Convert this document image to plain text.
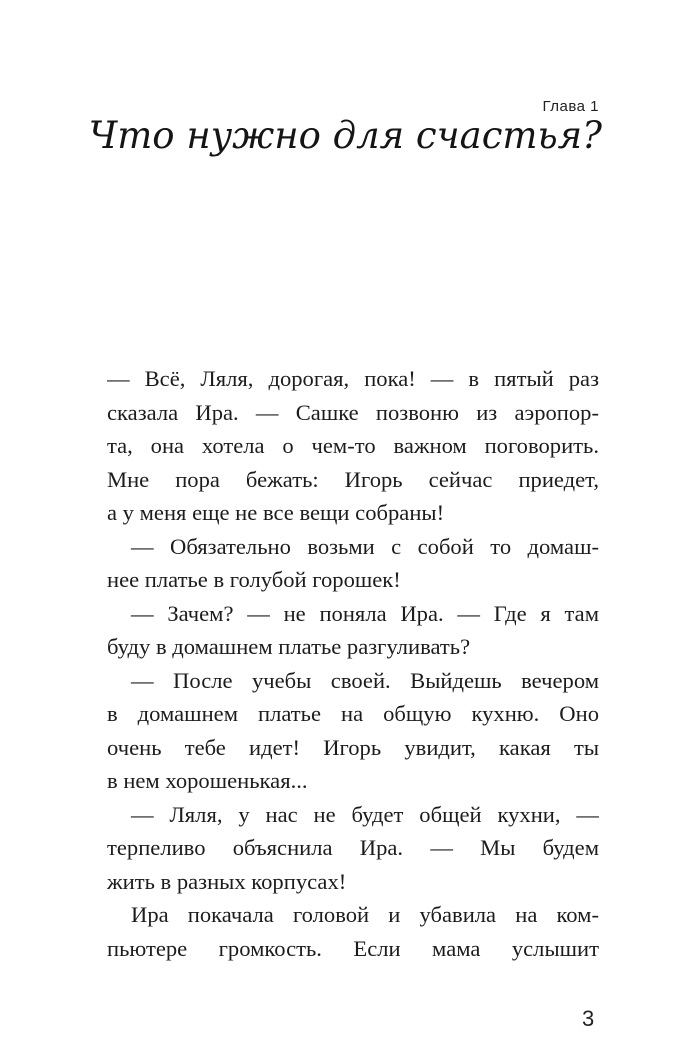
Глава 1
Что нужно для счастья?
— Всё, Ляля, дорогая, пока! — в пятый раз
сказала Ира. — Сашке позвоню из аэропор-
та, она хотела о чем-то важном поговорить.
Мне пора бежать: Игорь сейчас приедет,
а у меня еще не все вещи собраны!
— Обязательно возьми с собой то домаш-
нее платье в голубой горошек!
— Зачем? — не поняла Ира. — Где я там
буду в домашнем платье разгуливать?
— После учебы своей. Выйдешь вечером
в домашнем платье на общую кухню. Оно
очень тебе идет! Игорь увидит, какая ты
в нем хорошенькая...
— Ляля, у нас не будет общей кухни, —
терпеливо объяснила Ира. — Мы будем
жить в разных корпусах!
Ира покачала головой и убавила на ком-
пьютере громкость. Если мама услышит
3
